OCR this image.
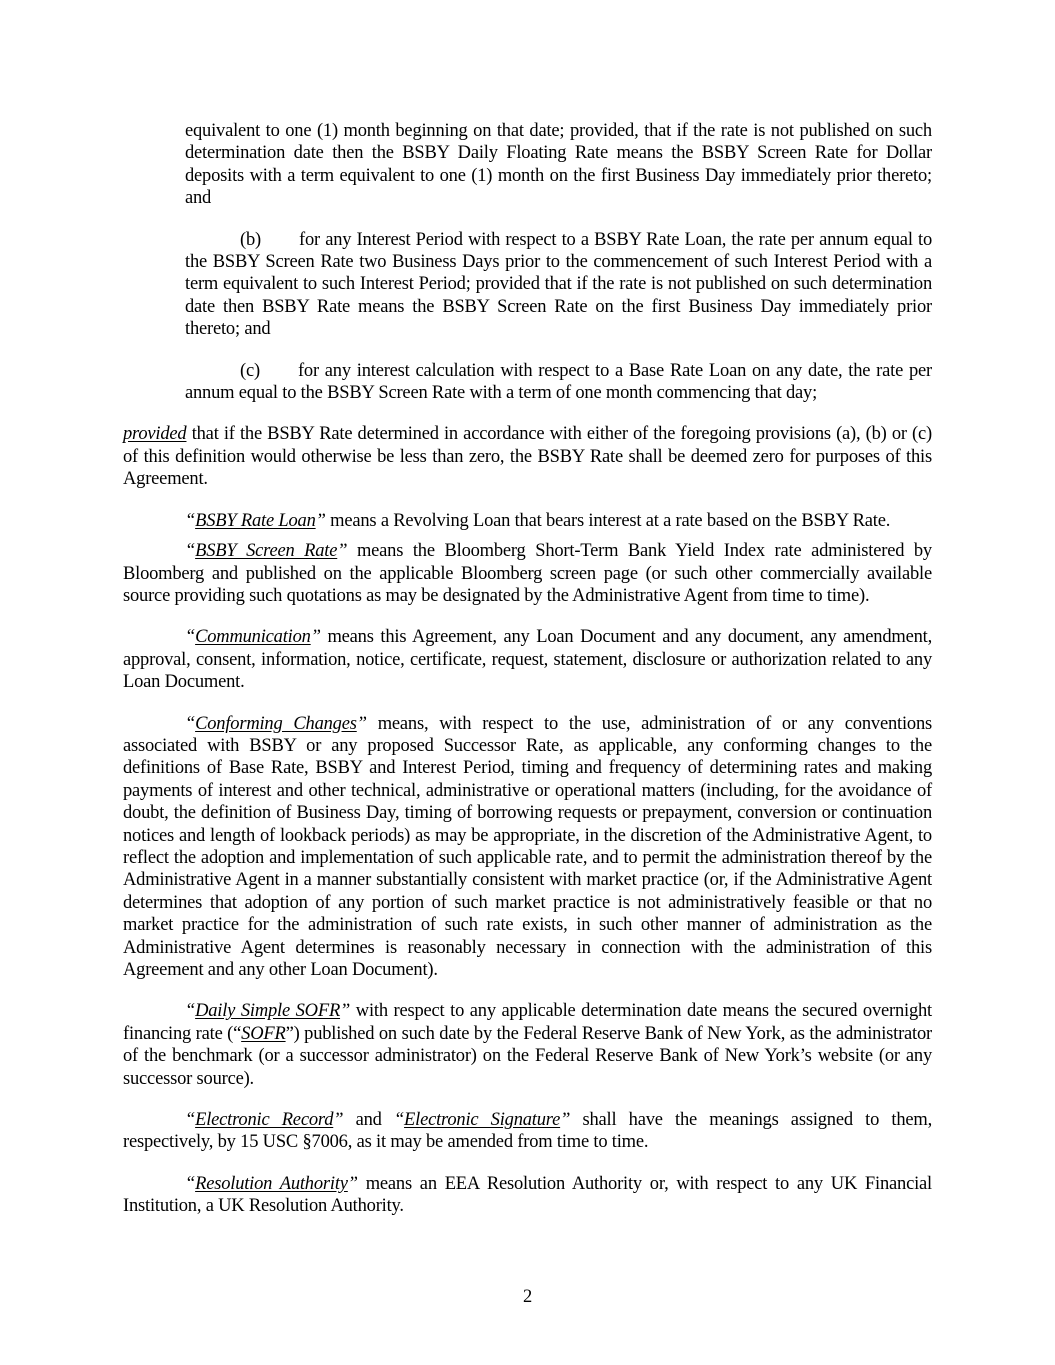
equivalent to one (1) month beginning on that date; provided, that if the rate is not published on such determination date then the BSBY Daily Floating Rate means the BSBY Screen Rate for Dollar deposits with a term equivalent to one (1) month on the first Business Day immediately prior thereto; and

(b) for any Interest Period with respect to a BSBY Rate Loan, the rate per annum equal to the BSBY Screen Rate two Business Days prior to the commencement of such Interest Period with a term equivalent to such Interest Period; provided that if the rate is not published on such determination date then BSBY Rate means the BSBY Screen Rate on the first Business Day immediately prior thereto; and

(c) for any interest calculation with respect to a Base Rate Loan on any date, the rate per annum equal to the BSBY Screen Rate with a term of one month commencing that day;

provided that if the BSBY Rate determined in accordance with either of the foregoing provisions (a), (b) or (c) of this definition would otherwise be less than zero, the BSBY Rate shall be deemed zero for purposes of this Agreement.

“BSBY Rate Loan” means a Revolving Loan that bears interest at a rate based on the BSBY Rate.

“BSBY Screen Rate” means the Bloomberg Short-Term Bank Yield Index rate administered by Bloomberg and published on the applicable Bloomberg screen page (or such other commercially available source providing such quotations as may be designated by the Administrative Agent from time to time).

“Communication” means this Agreement, any Loan Document and any document, any amendment, approval, consent, information, notice, certificate, request, statement, disclosure or authorization related to any Loan Document.

“Conforming Changes” means, with respect to the use, administration of or any conventions associated with BSBY or any proposed Successor Rate, as applicable, any conforming changes to the definitions of Base Rate, BSBY and Interest Period, timing and frequency of determining rates and making payments of interest and other technical, administrative or operational matters (including, for the avoidance of doubt, the definition of Business Day, timing of borrowing requests or prepayment, conversion or continuation notices and length of lookback periods) as may be appropriate, in the discretion of the Administrative Agent, to reflect the adoption and implementation of such applicable rate, and to permit the administration thereof by the Administrative Agent in a manner substantially consistent with market practice (or, if the Administrative Agent determines that adoption of any portion of such market practice is not administratively feasible or that no market practice for the administration of such rate exists, in such other manner of administration as the Administrative Agent determines is reasonably necessary in connection with the administration of this Agreement and any other Loan Document).

“Daily Simple SOFR” with respect to any applicable determination date means the secured overnight financing rate (“SOFR”) published on such date by the Federal Reserve Bank of New York, as the administrator of the benchmark (or a successor administrator) on the Federal Reserve Bank of New York’s website (or any successor source).

“Electronic Record” and “Electronic Signature” shall have the meanings assigned to them, respectively, by 15 USC §7006, as it may be amended from time to time.

“Resolution Authority” means an EEA Resolution Authority or, with respect to any UK Financial Institution, a UK Resolution Authority.

2
